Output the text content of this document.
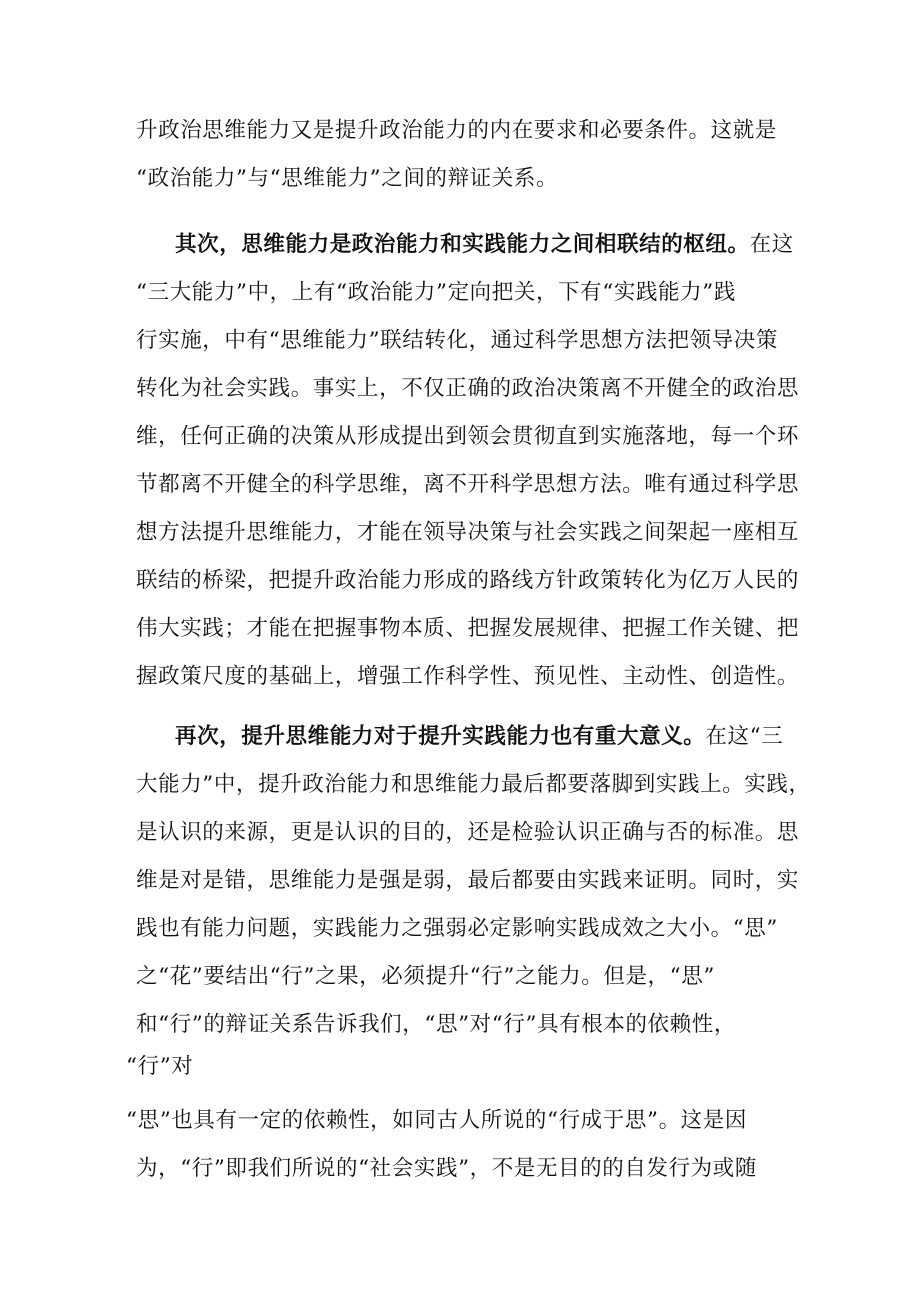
升政治思维能力又是提升政治能力的内在要求和必要条件。这就是
“政治能力”与“思维能力”之间的辩证关系。
其次，思维能力是政治能力和实践能力之间相联结的枢纽。在这
“三大能力”中，上有“政治能力”定向把关，下有“实践能力”践
行实施，中有“思维能力”联结转化，通过科学思想方法把领导决策
转化为社会实践。事实上，不仅正确的政治决策离不开健全的政治思
维，任何正确的决策从形成提出到领会贯彻直到实施落地，每一个环
节都离不开健全的科学思维，离不开科学思想方法。唯有通过科学思
想方法提升思维能力，才能在领导决策与社会实践之间架起一座相互
联结的桥梁，把提升政治能力形成的路线方针政策转化为亿万人民的
伟大实践；才能在把握事物本质、把握发展规律、把握工作关键、把
握政策尺度的基础上，增强工作科学性、预见性、主动性、创造性。
再次，提升思维能力对于提升实践能力也有重大意义。在这“三
大能力”中，提升政治能力和思维能力最后都要落脚到实践上。实践，
是认识的来源，更是认识的目的，还是检验认识正确与否的标准。思
维是对是错，思维能力是强是弱，最后都要由实践来证明。同时，实
践也有能力问题，实践能力之强弱必定影响实践成效之大小。“思”
之“花”要结出“行”之果，必须提升“行”之能力。但是，“思”
和“行”的辩证关系告诉我们，“思”对“行”具有根本的依赖性，
“行”对
“思”也具有一定的依赖性，如同古人所说的“行成于思”。这是因
为，“行”即我们所说的“社会实践”，不是无目的的自发行为或随
